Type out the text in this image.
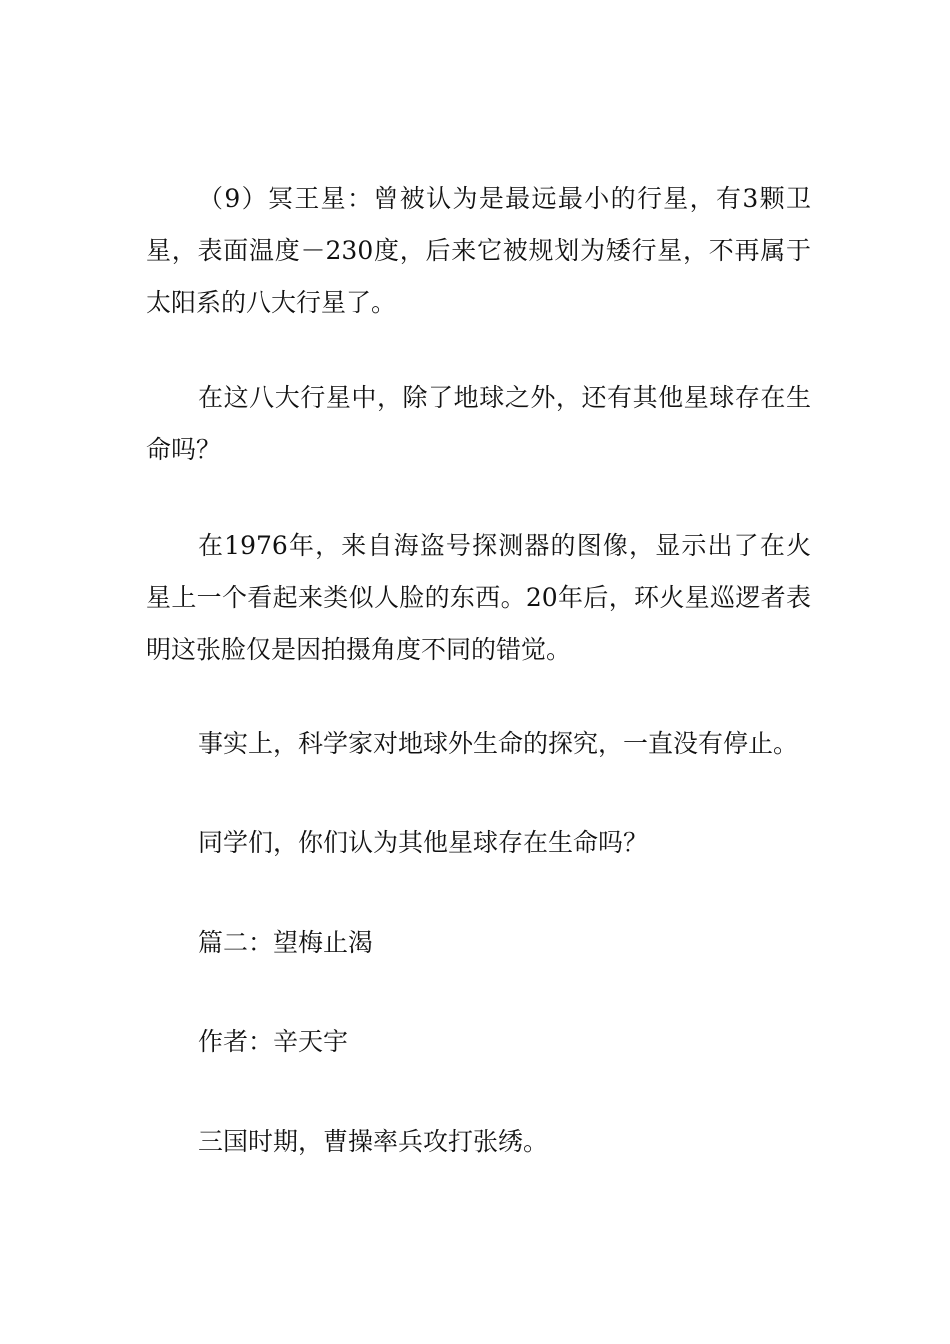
（9）冥王星：曾被认为是最远最小的行星，有3颗卫星，表面温度－230度，后来它被规划为矮行星，不再属于太阳系的八大行星了。

在这八大行星中，除了地球之外，还有其他星球存在生命吗？

在1976年，来自海盗号探测器的图像，显示出了在火星上一个看起来类似人脸的东西。20年后，环火星巡逻者表明这张脸仅是因拍摄角度不同的错觉。

事实上，科学家对地球外生命的探究，一直没有停止。

同学们，你们认为其他星球存在生命吗？

篇二：望梅止渴

作者：辛天宇

三国时期，曹操率兵攻打张绣。
